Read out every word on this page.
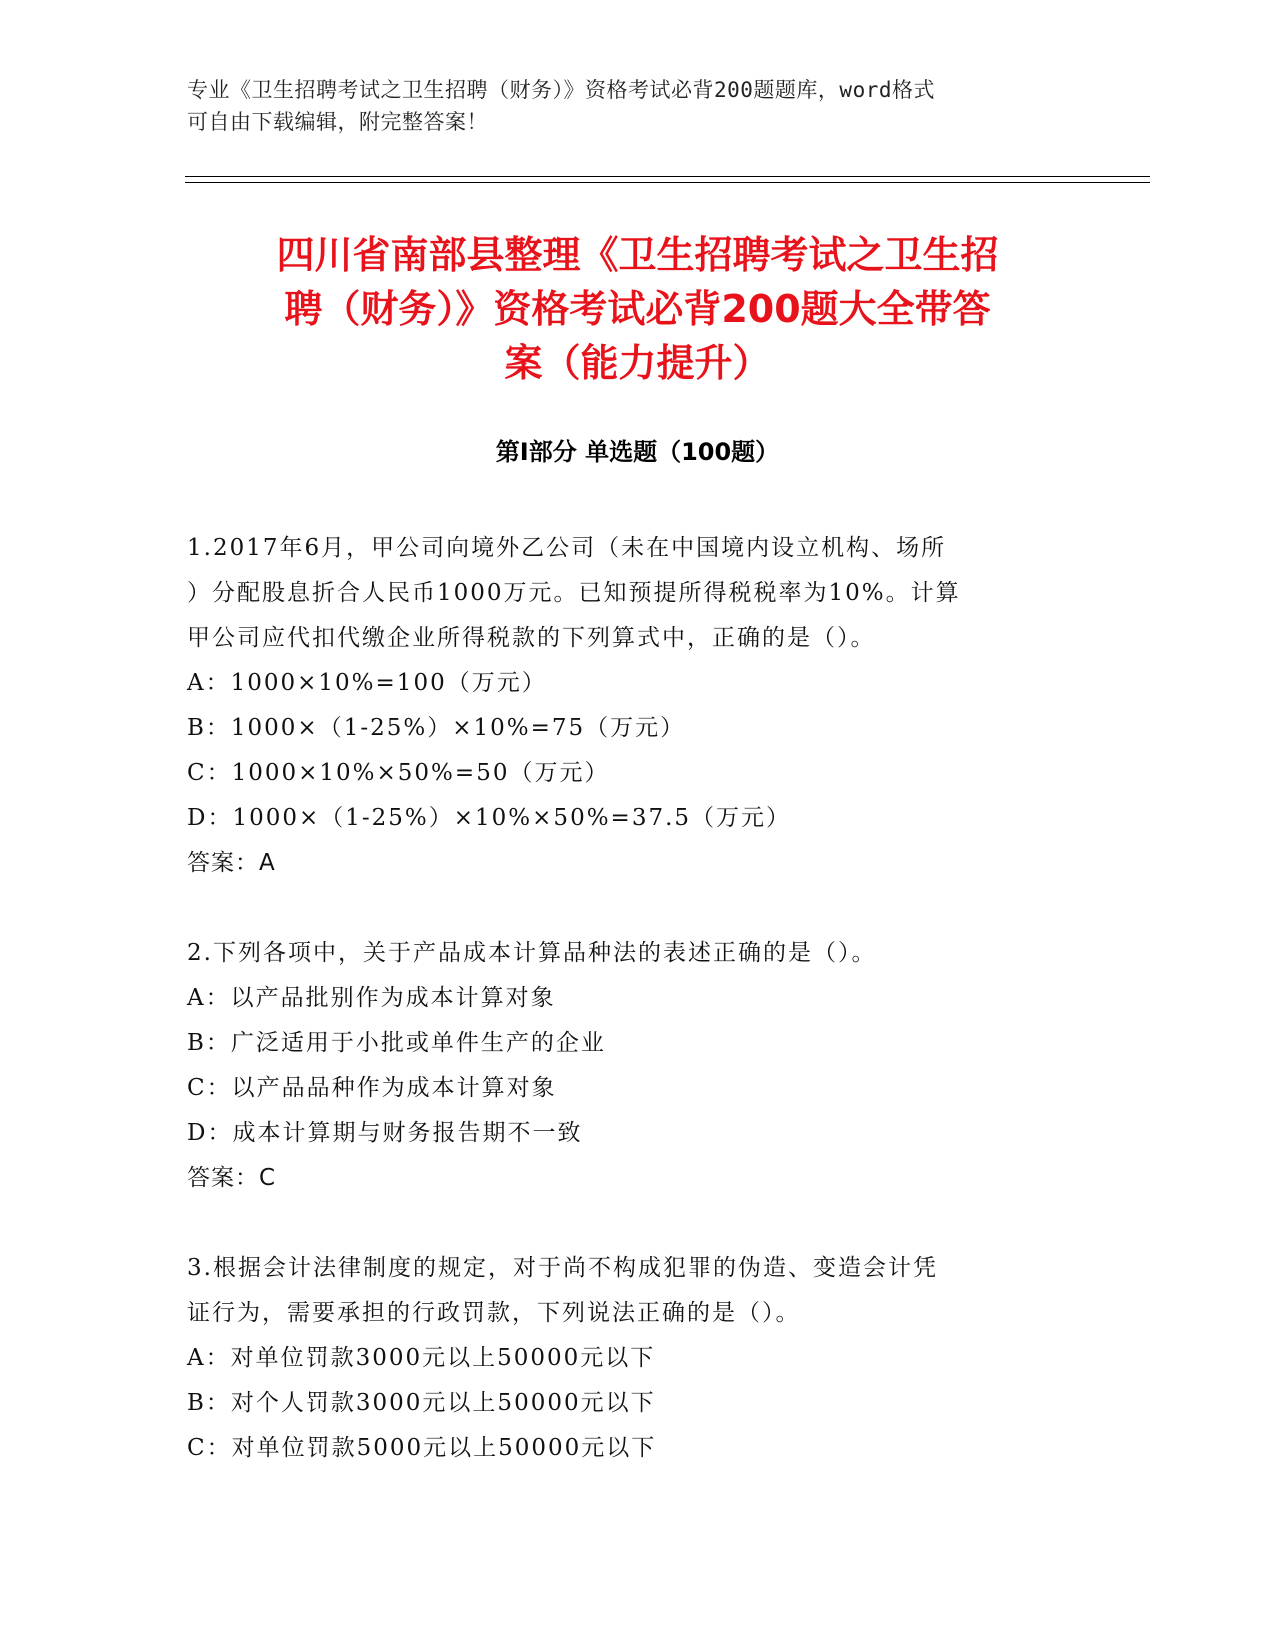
专业《卫生招聘考试之卫生招聘（财务）》资格考试必背200题题库，word格式
可自由下载编辑，附完整答案！
四川省南部县整理《卫生招聘考试之卫生招
聘（财务）》资格考试必背200题大全带答
案（能力提升）
第Ⅰ部分 单选题（100题）
1.2017年6月，甲公司向境外乙公司（未在中国境内设立机构、场所
）分配股息折合人民币1000万元。已知预提所得税税率为10%。计算
甲公司应代扣代缴企业所得税款的下列算式中，正确的是（）。
A：1000×10%=100（万元）
B：1000×（1-25%）×10%=75（万元）
C：1000×10%×50%=50（万元）
D：1000×（1-25%）×10%×50%=37.5（万元）
答案：A
2.下列各项中，关于产品成本计算品种法的表述正确的是（）。
A：以产品批别作为成本计算对象
B：广泛适用于小批或单件生产的企业
C：以产品品种作为成本计算对象
D：成本计算期与财务报告期不一致
答案：C
3.根据会计法律制度的规定，对于尚不构成犯罪的伪造、变造会计凭
证行为，需要承担的行政罚款，下列说法正确的是（）。
A：对单位罚款3000元以上50000元以下
B：对个人罚款3000元以上50000元以下
C：对单位罚款5000元以上50000元以下
